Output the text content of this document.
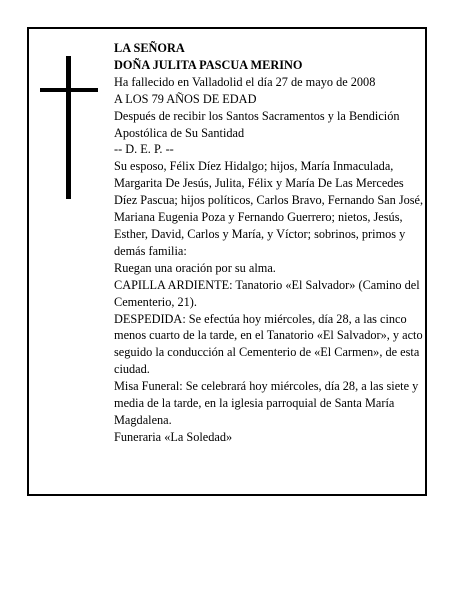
LA SEÑORA

DOÑA JULITA PASCUA MERINO

Ha fallecido en Valladolid el día 27 de mayo de 2008

A LOS 79 AÑOS DE EDAD

Después de recibir los Santos Sacramentos y la Bendición Apostólica de Su Santidad

-- D. E. P. --

Su esposo, Félix Díez Hidalgo; hijos, María Inmaculada, Margarita De Jesús, Julita, Félix y María De Las Mercedes Díez Pascua; hijos políticos, Carlos Bravo, Fernando San José, Mariana Eugenia Poza y Fernando Guerrero; nietos, Jesús, Esther, David, Carlos y María, y Víctor; sobrinos, primos y demás familia:

Ruegan una oración por su alma.

CAPILLA ARDIENTE: Tanatorio «El Salvador» (Camino del Cementerio, 21).

DESPEDIDA: Se efectúa hoy miércoles, día 28, a las cinco menos cuarto de la tarde, en el Tanatorio «El Salvador», y acto seguido la conducción al Cementerio de «El Carmen», de esta ciudad.

Misa Funeral: Se celebrará hoy miércoles, día 28, a las siete y media de la tarde, en la iglesia parroquial de Santa María Magdalena.

Funeraria «La Soledad»
